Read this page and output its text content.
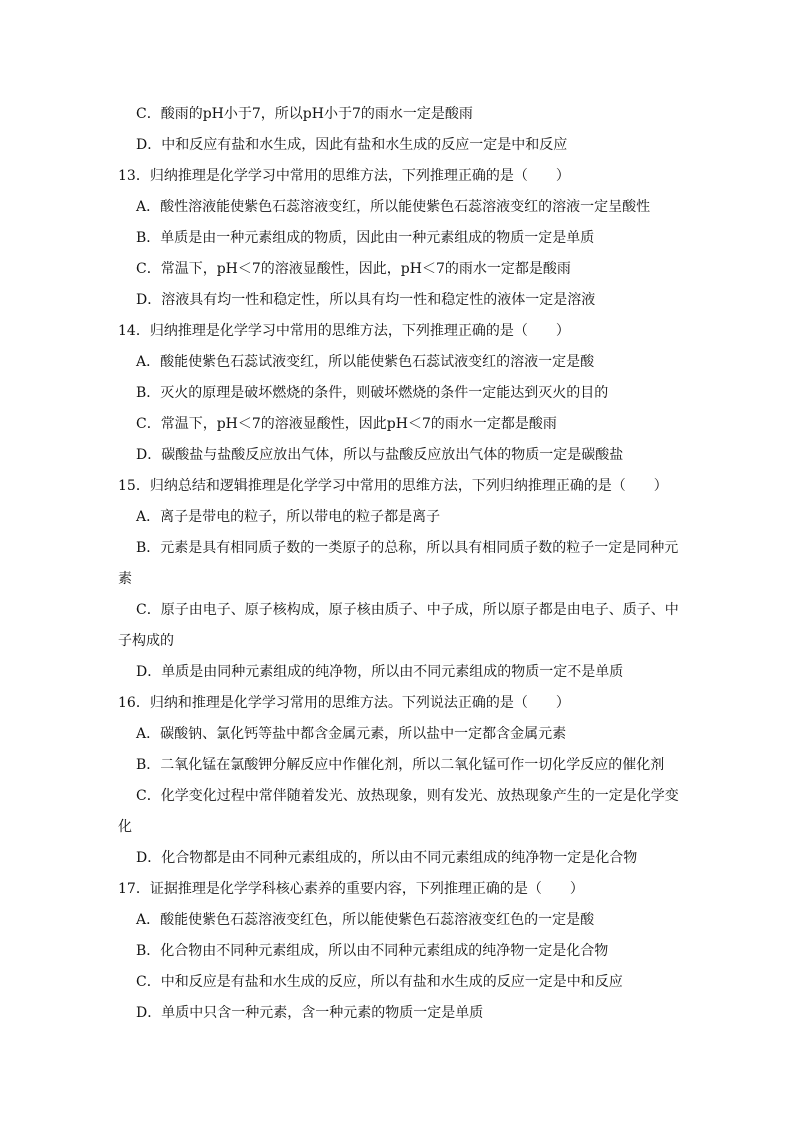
C．酸雨的pH小于7，所以pH小于7的雨水一定是酸雨
D．中和反应有盐和水生成，因此有盐和水生成的反应一定是中和反应
13．归纳推理是化学学习中常用的思维方法，下列推理正确的是（　　）
A．酸性溶液能使紫色石蕊溶液变红，所以能使紫色石蕊溶液变红的溶液一定呈酸性
B．单质是由一种元素组成的物质，因此由一种元素组成的物质一定是单质
C．常温下，pH＜7的溶液显酸性，因此，pH＜7的雨水一定都是酸雨
D．溶液具有均一性和稳定性，所以具有均一性和稳定性的液体一定是溶液
14．归纳推理是化学学习中常用的思维方法，下列推理正确的是（　　）
A．酸能使紫色石蕊试液变红，所以能使紫色石蕊试液变红的溶液一定是酸
B．灭火的原理是破坏燃烧的条件，则破坏燃烧的条件一定能达到灭火的目的
C．常温下，pH＜7的溶液显酸性，因此pH＜7的雨水一定都是酸雨
D．碳酸盐与盐酸反应放出气体，所以与盐酸反应放出气体的物质一定是碳酸盐
15．归纳总结和逻辑推理是化学学习中常用的思维方法，下列归纳推理正确的是（　　）
A．离子是带电的粒子，所以带电的粒子都是离子
B．元素是具有相同质子数的一类原子的总称，所以具有相同质子数的粒子一定是同种元
素
C．原子由电子、原子核构成，原子核由质子、中子成，所以原子都是由电子、质子、中
子构成的
D．单质是由同种元素组成的纯净物，所以由不同元素组成的物质一定不是单质
16．归纳和推理是化学学习常用的思维方法。下列说法正确的是（　　）
A．碳酸钠、氯化钙等盐中都含金属元素，所以盐中一定都含金属元素
B．二氧化锰在氯酸钾分解反应中作催化剂，所以二氧化锰可作一切化学反应的催化剂
C．化学变化过程中常伴随着发光、放热现象，则有发光、放热现象产生的一定是化学变
化
D．化合物都是由不同种元素组成的，所以由不同元素组成的纯净物一定是化合物
17．证据推理是化学学科核心素养的重要内容，下列推理正确的是（　　）
A．酸能使紫色石蕊溶液变红色，所以能使紫色石蕊溶液变红色的一定是酸
B．化合物由不同种元素组成，所以由不同种元素组成的纯净物一定是化合物
C．中和反应是有盐和水生成的反应，所以有盐和水生成的反应一定是中和反应
D．单质中只含一种元素，含一种元素的物质一定是单质
